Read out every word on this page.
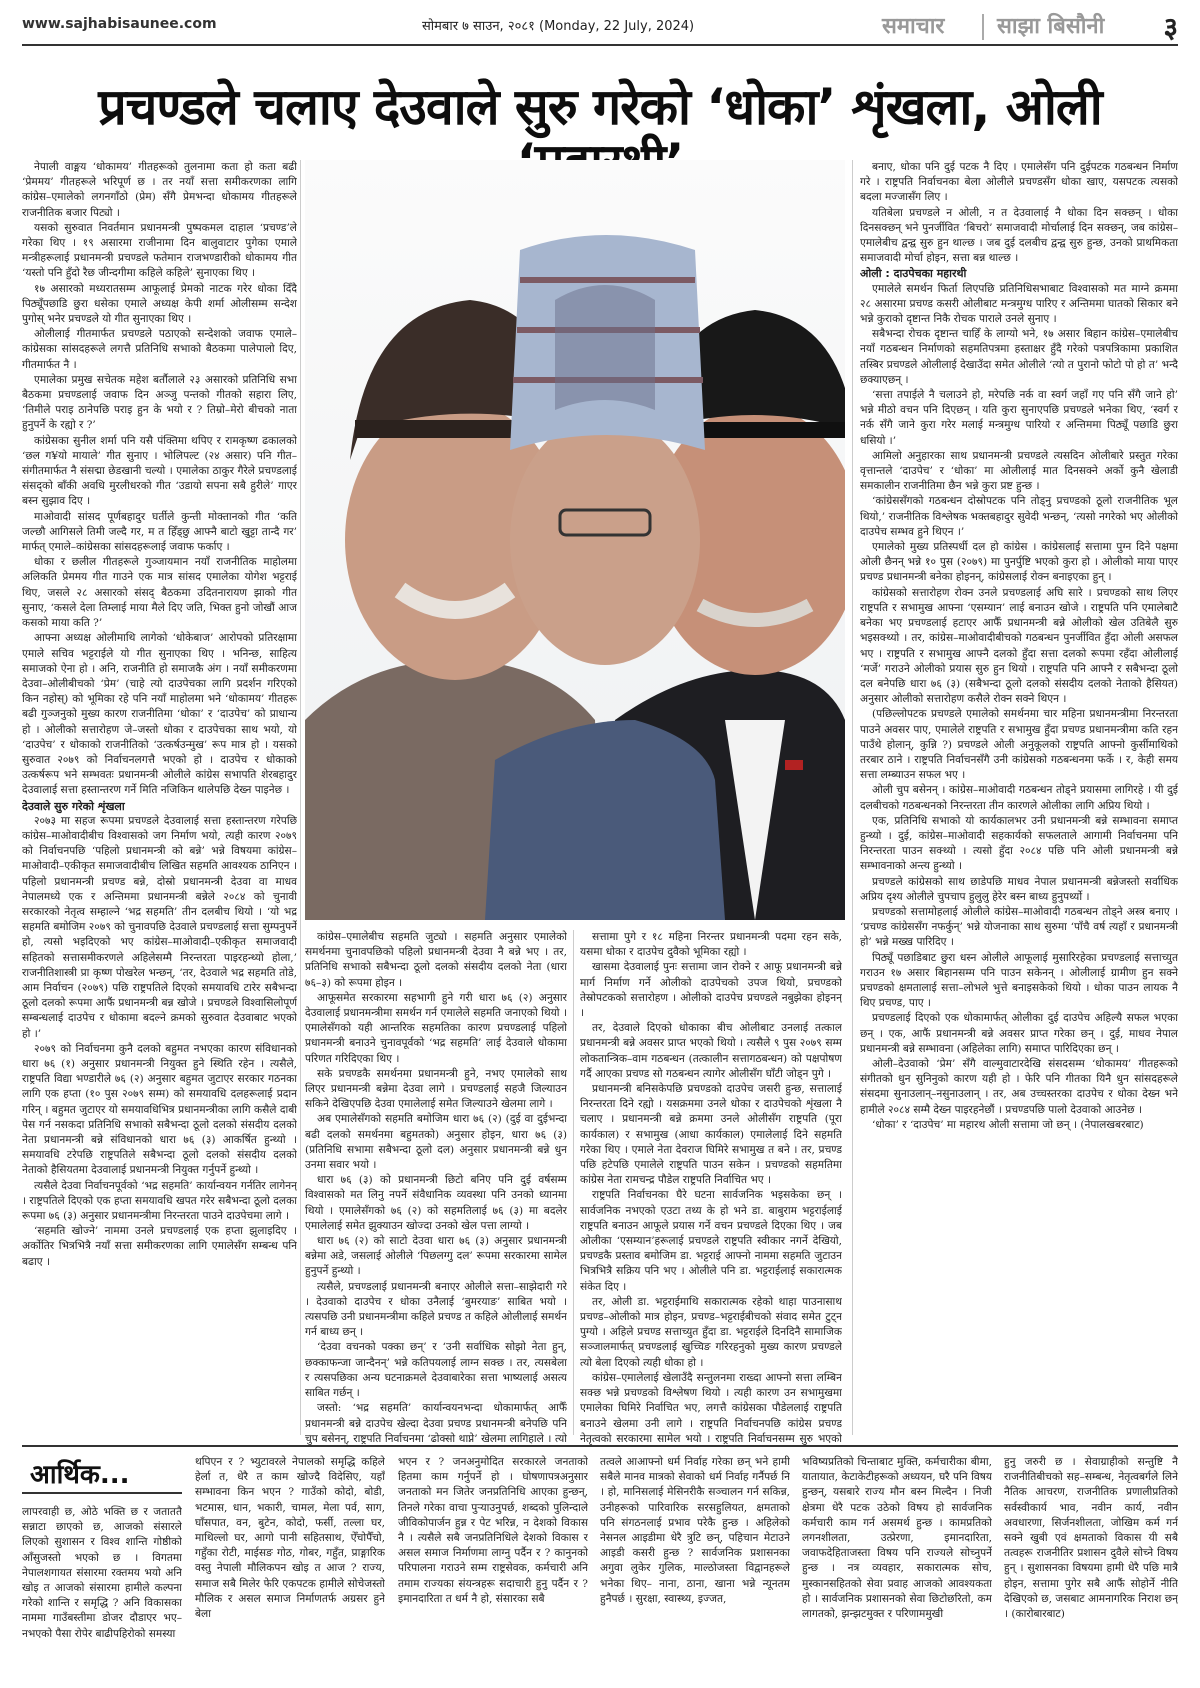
www.sajhabisaunee.com	सोमबार ७ साउन, २०८१ (Monday, 22 July, 2024)	समाचार साझा बिसौनी ३
प्रचण्डले चलाए देउवाले सुरु गरेको ‘धोका’ शृंखला, ओली

नेपाली वाङ्मय ‘धोकामय’ गीतहरूको तुलनामा कता हो कता बढी ‘प्रेममय’ गीतहरूले भरिपूर्ण छ । तर नयाँ सत्ता समीकरणका लागि कांग्रेस–एमालेको लगनगाँठो (प्रेम) सँगै प्रेमभन्दा धोकामय गीतहरूले राजनीतिक बजार पिट्यो ।

यसको सुरुवात निवर्तमान प्रधानमन्त्री पुष्पकमल दाहाल ‘प्रचण्ड’ले गरेका थिए । १९ असारमा राजीनामा दिन बालुवाटार पुगेका एमाले मन्त्रीहरूलाई प्रधानमन्त्री प्रचण्डले फतेमान राजभण्डारीको धोकामय गीत ‘यस्तो पनि हुँदो रैछ जीन्दगीमा कहिले कहिले’ सुनाएका थिए ।

१७ असारको मध्यरातसम्म आफूलाई प्रेमको नाटक गरेर धोका दिँदै पिठ्यूँपछाडि छुरा धसेका एमाले अध्यक्ष केपी शर्मा ओलीसम्म सन्देश पुगोस् भनेर प्रचण्डले यो गीत सुनाएका थिए ।

ओलीलाई गीतमार्फत प्रचण्डले पठाएको सन्देशको जवाफ एमाले–कांग्रेसका सांसदहरूले लगत्तै प्रतिनिधि सभाको बैठकमा पालेपालो दिए, गीतमार्फत नै ।

एमालेका प्रमुख सचेतक महेश बर्तौलाले २३ असारको प्रतिनिधि सभा बैठकमा प्रचण्डलाई जवाफ दिन अञ्जु पन्तको गीतको सहारा लिए, ‘तिमीले पराइ ठानेपछि पराइ हुन के भयो र ? तिम्रो–मेरो बीचको नाता हुनुपर्ने के रह्यो र ?’

कांग्रेसका सुनील शर्मा पनि यसै पंक्तिमा थपिए र रामकृष्ण ढकालको ‘छल ग¥यो मायाले’ गीत सुनाए । भोलिपल्ट (२४ असार) पनि गीत–संगीतमार्फत नै संसद्मा छेडखानी चल्यो । एमालेका ठाकुर गैरेले प्रचण्डलाई संसद्को बाँकी अवधि मुरलीधरको गीत ‘उडायो सपना सबै हुरीले’ गाएर बस्न सुझाव दिए ।

माओवादी सांसद पूर्णबहादुर घर्तीले कुन्ती मोक्तानको गीत ‘कति जल्छौ आगिसले तिमी जल्दै गर, म त हिँड्छु आफ्नै बाटो खुट्टा तान्दै गर’ मार्फत् एमाले–कांग्रेसका सांसदहरूलाई जवाफ फर्काए ।

धोका र छलील गीतहरूले गुञ्जायमान नयाँ राजनीतिक माहोलमा अलिकति प्रेममय गीत गाउने एक मात्र सांसद एमालेका योगेश भट्टराई थिए, जसले २८ असारको संसद् बैठकमा उदितनारायण झाको गीत सुनाए, ‘कसले देला तिम्लाई माया मैले दिए जति, भिक्त हुनो जोखौं आज कसको माया कति ?’

आफ्ना अध्यक्ष ओलीमाथि लागेको ‘धोकेबाज’ आरोपको प्रतिरक्षामा एमाले सचिव भट्टराईले यो गीत सुनाएका थिए । भनिन्छ, साहित्य समाजको ऐना हो । अनि, राजनीति हो समाजकै अंग । नयाँ समीकरणमा देउवा–ओलीबीचको ‘प्रेम’ (चाहे त्यो दाउपेचका लागि प्रदर्शन गरिएको किन नहोस्) को भूमिका रहे पनि नयाँ माहोलमा भने ‘धोकामय’ गीतहरू बढी गुञ्जनुको मुख्य कारण राजनीतिमा ‘धोका’ र ‘दाउपेच’ को प्राधान्य हो । ओलीको सत्तारोहण जे–जस्तो धोका र दाउपेचका साथ भयो, यो ‘दाउपेच’ र धोकाको राजनीतिको ‘उत्कर्षउन्मुख’ रूप मात्र हो । यसको सुरुवात २०७९ को निर्वाचनलगत्तै भएको हो । दाउपेच र धोकाको उत्कर्षरूप भने सम्भवतः प्रधानमन्त्री ओलीले कांग्रेस सभापति शेरबहादुर देउवालाई सत्ता हस्तान्तरण गर्ने मिति नजिकिन थालेपछि देख्न पाइनेछ ।

देउवाले सुरु गरेको शृंखला

२०७३ मा सहज रूपमा प्रचण्डले देउवालाई सत्ता हस्तान्तरण गरेपछि कांग्रेस–माओवादीबीच विश्वासको जग निर्माण भयो, त्यही कारण २०७९ को निर्वाचनपछि ‘पहिलो प्रधानमन्त्री को बन्ने’ भन्ने विषयमा कांग्रेस–माओवादी–एकीकृत समाजवादीबीच लिखित सहमति आवश्यक ठानिएन । पहिलो प्रधानमन्त्री प्रचण्ड बन्ने, दोस्रो प्रधानमन्त्री देउवा वा माधव नेपालमध्ये एक र अन्तिममा प्रधानमन्त्री बन्नेले २०८४ को चुनावी सरकारको नेतृत्व सम्हाल्ने ‘भद्र सहमति’ तीन दलबीच थियो । ‘यो भद्र सहमति बमोजिम २०७९ को चुनावपछि देउवाले प्रचण्डलाई सत्ता सुम्पनुपर्ने हो, त्यसो भइदिएको भए कांग्रेस–माओवादी–एकीकृत समाजवादी सहितको सत्तासमीकरणले अहिलेसम्मै निरन्तरता पाइरहन्थ्यो होला,’ राजनीतिशास्त्री प्रा कृष्ण पोखरेल भन्छन्, ‘तर, देउवाले भद्र सहमति तोडे, आम निर्वाचन (२०७९) पछि राष्ट्रपतिले दिएको समयावधि टारेर सबैभन्दा ठूलो दलको रूपमा आफैं प्रधानमन्त्री बन्न खोजे । प्रचण्डले विश्वासिलोपूर्ण सम्बन्धलाई दाउपेच र धोकामा बदल्ने क्रमको सुरुवात देउवाबाट भएको हो ।’

२०७९ को निर्वाचनमा कुनै दलको बहुमत नभएका कारण संविधानको धारा ७६ (१) अनुसार प्रधानमन्त्री नियुक्त हुने स्थिति रहेन । त्यसैले, राष्ट्रपति विद्या भण्डारीले ७६ (२) अनुसार बहुमत जुटाएर सरकार गठनका लागि एक हप्ता (१० पुस २०७९ सम्म) को समयावधि दलहरूलाई प्रदान गरिन् । बहुमत जुटाएर यो समयावधिभित्र प्रधानमन्त्रीका लागि कसैले दाबी पेस गर्न नसकदा प्रतिनिधि सभाको सबैभन्दा ठूलो दलको संसदीय दलको नेता प्रधानमन्त्री बन्ने संविधानको धारा ७६ (३) आकर्षित हुन्थ्यो । समयावधि टरेपछि राष्ट्रपतिले सबैभन्दा ठूलो दलको संसदीय दलको नेताको हैसियतमा देउवालाई प्रधानमन्त्री नियुक्त गर्नुपर्ने हुन्थ्यो ।

त्यसैले देउवा निर्वाचनपूर्वको ‘भद्र सहमति’ कार्यान्वयन गर्नतिर लागेनन् । राष्ट्रपतिले दिएको एक हप्ता समयावधि खपत गरेर सबैभन्दा ठूलो दलका रूपमा ७६ (३) अनुसार प्रधानमन्त्रीमा निरन्तरता पाउने दाउपेचमा लागे ।

‘सहमति खोज्ने’ नाममा उनले प्रचण्डलाई एक हप्ता झुलाइदिए । अर्कोतिर भित्रभित्रै नयाँ सत्ता समीकरणका लागि एमालेसँग सम्बन्ध पनि बढाए ।

कांग्रेस–एमालेबीच सहमति जुट्यो । सहमति अनुसार एमालेको समर्थनमा चुनावपछिको पहिलो प्रधानमन्त्री देउवा नै बन्ने भए । तर, प्रतिनिधि सभाको सबैभन्दा ठूलो दलको संसदीय दलको नेता (धारा ७६–३) को रूपमा होइन ।

आफूसमेत सरकारमा सहभागी हुने गरी धारा ७६ (२) अनुसार देउवालाई प्रधानमन्त्रीमा समर्थन गर्न एमालेले सहमति जनाएको थियो । एमालेसँगको यही आन्तरिक सहमतिका कारण प्रचण्डलाई पहिलो प्रधानमन्त्री बनाउने चुनावपूर्वको ‘भद्र सहमति’ लाई देउवाले धोकामा परिणत गरिदिएका थिए ।

सके प्रचण्डकै समर्थनमा प्रधानमन्त्री हुने, नभए एमालेको साथ लिएर प्रधानमन्त्री बन्नेमा देउवा लागे । प्रचण्डलाई सहजै जिल्याउन सकिने देखिएपछि देउवा एमालेलाई समेत जिल्याउने खेलमा लागे ।

अब एमालेसँगको सहमति बमोजिम धारा ७६ (२) (दुई वा दुईभन्दा बढी दलको समर्थनमा बहुमतको) अनुसार होइन, धारा ७६ (३) (प्रतिनिधि सभामा सबैभन्दा ठूलो दल) अनुसार प्रधानमन्त्री बन्ने धुन उनमा सवार भयो ।

धारा ७६ (३) को प्रधानमन्त्री छिटो बनिए पनि दुई वर्षसम्म विश्वासको मत लिनु नपर्ने संवैधानिक व्यवस्था पनि उनको ध्यानमा थियो । एमालेसँगको ७६ (२) को सहमतिलाई ७६ (३) मा बदलेर एमालेलाई समेत झुक्याउन खोज्दा उनको खेल पत्ता लाग्यो ।

धारा ७६ (२) को साटो देउवा धारा ७६ (३) अनुसार प्रधानमन्त्री बन्नेमा अडे, जसलाई ओलीले ‘पिछलग्गु दल’ रूपमा सरकारमा सामेल हुनुपर्ने हुन्थ्यो ।

त्यसैले, प्रचण्डलाई प्रधानमन्त्री बनाएर ओलीले सत्ता–साझेदारी गरे । देउवाको दाउपेच र धोका उनैलाई ‘बुमरयाङ’ साबित भयो । त्यसपछि उनी प्रधानमन्त्रीमा कहिले प्रचण्ड त कहिले ओलीलाई समर्थन गर्न बाध्य छन् ।

‘देउवा वचनको पक्का छन्’ र ‘उनी सर्वाधिक सोझो नेता हुन्, छक्काफन्जा जान्दैनन्’ भन्ने कतिपयलाई लाग्न सक्छ । तर, त्यसबेला र त्यसपछिका अन्य घटनाक्रमले देउवाबारेका सत्ता भाष्यलाई असत्य साबित गर्छन् ।

जस्तो: ‘भद्र सहमति’ कार्यान्वयनभन्दा धोकामार्फत् आफैँ प्रधानमन्त्री बन्ने दाउपेच खेल्दा देउवा प्रचण्ड प्रधानमन्त्री बनेपछि पनि चुप बसेनन्, राष्ट्रपति निर्वाचनमा ‘ढोक्सो थाप्ने’ खेलमा लागिहाले । त्यो

सत्तामा पुगे र १८ महिना निरन्तर प्रधानमन्त्री पदमा रहन सके, यसमा धोका र दाउपेच दुवैको भूमिका रह्यो ।

खासमा देउवालाई पुनः सत्तामा जान रोक्ने र आफू प्रधानमन्त्री बन्ने मार्ग निर्माण गर्ने ओलीको दाउपेचको उपज थियो, प्रचण्डको तेस्रोपटकको सत्तारोहण । ओलीको दाउपेच प्रचण्डले नबुझेका होइनन् ।

तर, देउवाले दिएको धोकाका बीच ओलीबाट उनलाई तत्काल प्रधानमन्त्री बन्ने अवसर प्राप्त भएको थियो । त्यसैले ९ पुस २०७९ सम्म लोकतान्त्रिक–वाम गठबन्धन (तत्कालीन सत्तागठबन्धन) को पक्षपोषण गर्दै आएका प्रचण्ड सो गठबन्धन त्यागेर ओलीसँग घाँटी जोड्न पुगे ।

प्रधानमन्त्री बनिसकेपछि प्रचण्डको दाउपेच जसरी हुन्छ, सत्तालाई निरन्तरता दिने रह्यो । यसक्रममा उनले धोका र दाउपेचको शृंखला नै चलाए । प्रधानमन्त्री बन्ने क्रममा उनले ओलीसँग राष्ट्रपति (पूरा कार्यकाल) र सभामुख (आधा कार्यकाल) एमालेलाई दिने सहमति गरेका थिए । एमाले नेता देवराज घिमिरे सभामुख त बने । तर, प्रचण्ड पछि हटेपछि एमालेले राष्ट्रपति पाउन सकेन । प्रचण्डको सहमतिमा कांग्रेस नेता रामचन्द्र पौडेल राष्ट्रपति निर्वाचित भए ।

राष्ट्रपति निर्वाचनका घैरे घटना सार्वजनिक भइसकेका छन् । सार्वजनिक नभएको एउटा तथ्य के हो भने डा. बाबुराम भट्टराईलाई राष्ट्रपति बनाउन आफूले प्रयास गर्ने वचन प्रचण्डले दिएका थिए । जब ओलीका ‘एसम्यान’हरूलाई प्रचण्डले राष्ट्रपति स्वीकार नगर्ने देखियो, प्रचण्डकै प्रस्ताव बमोजिम डा. भट्टराई आफ्नो नाममा सहमति जुटाउन भित्रभित्रै सक्रिय पनि भए । ओलीले पनि डा. भट्टराईलाई सकारात्मक संकेत दिए ।

तर, ओली डा. भट्टराईमाथि सकारात्मक रहेको थाहा पाउनासाथ प्रचण्ड–ओलीको मात्र होइन, प्रचण्ड–भट्टराईबीचको संवाद समेत टुट्न पुग्यो । अहिले प्रचण्ड सत्ताच्युत हुँदा डा. भट्टराईले दिनदिनै सामाजिक सञ्जालमार्फत् प्रचण्डलाई खुच्चिङ गरिरहनुको मुख्य कारण प्रचण्डले त्यो बेला दिएको त्यही धोका हो ।

कांग्रेस–एमालेलाई खेलाउँदै सन्तुलनमा राख्दा आफ्नो सत्ता लम्बिन सक्छ भन्ने प्रचण्डको विश्लेषण थियो । त्यही कारण उन सभामुखमा एमालेका घिमिरे निर्वाचित भए, लगत्तै कांग्रेसका पौडेललाई राष्ट्रपति बनाउने खेलमा उनी लागे । राष्ट्रपति निर्वाचनपछि कांग्रेस प्रचण्ड नेतृत्वको सरकारमा सामेल भयो । राष्ट्रपति निर्वाचनसम्म सुरु भएको

बनाए, धोका पनि दुई पटक नै दिए । एमालेसँग पनि दुईपटक गठबन्धन निर्माण गरे । राष्ट्रपति निर्वाचनका बेला ओलीले प्रचण्डसँग धोका खाए, यसपटक त्यसको बदला मज्जासँग लिए ।

यतिबेला प्रचण्डले न ओली, न त देउवालाई नै धोका दिन सक्छन् । धोका दिनसक्छन् भने पुनर्जीवित ‘बिचरो’ समाजवादी मोर्चालाई दिन सक्छन्, जब कांग्रेस–एमालेबीच द्वन्द्व सुरु हुन थाल्छ । जब दुई दलबीच द्वन्द्व सुरु हुन्छ, उनको प्राथमिकता समाजवादी मोर्चा होइन, सत्ता बन्न थाल्छ ।

ओली : दाउपेचका महारथी

एमालेले समर्थन फिर्ता लिएपछि प्रतिनिधिसभाबाट विश्वासको मत माग्ने क्रममा २८ असारमा प्रचण्ड कसरी ओलीबाट मन्त्रमुग्ध पारिए र अन्तिममा घातको सिकार बने भन्ने कुराको दृष्टान्त निकै रोचक पाराले उनले सुनाए ।

सबैभन्दा रोचक दृष्टान्त चाहिँ के लाग्यो भने, १७ असार बिहान कांग्रेस–एमालेबीच नयाँ गठबन्धन निर्माणको सहमतिपत्रमा हस्ताक्षर हुँदै गरेको पत्रपत्रिकामा प्रकाशित तस्बिर प्रचण्डले ओलीलाई देखाउँदा समेत ओलीले ‘त्यो त पुरानो फोटो पो हो त’ भन्दै छक्याएछन् ।

‘सत्ता तपाईले नै चलाउने हो, मरेपछि नर्क वा स्वर्ग जहाँ गए पनि सँगै जाने हो’ भन्ने मीठो वचन पनि दिएछन् । यति कुरा सुनाएपछि प्रचण्डले भनेका थिए, ‘स्वर्ग र नर्क सँगै जाने कुरा गरेर मलाई मन्त्रमुग्ध पारियो र अन्तिममा पिठ्यूँ पछाडि छुरा धसियो ।’

आमिलो अनुहारका साथ प्रधानमन्त्री प्रचण्डले त्यसदिन ओलीबारे प्रस्तुत गरेका वृत्तान्तले ‘दाउपेच’ र ‘धोका’ मा ओलीलाई मात दिनसक्ने अर्को कुनै खेलाडी समकालीन राजनीतिमा छैन भन्ने कुरा प्रष्ट हुन्छ ।

‘कांग्रेससँगको गठबन्धन दोस्रोपटक पनि तोड्नु प्रचण्डको ठूलो राजनीतिक भूल थियो,’ राजनीतिक विश्लेषक भक्तबहादुर सुवेदी भन्छन्, ‘त्यसो नगरेको भए ओलीको दाउपेच सम्भव हुने थिएन ।’

एमालेको मुख्य प्रतिस्पर्धी दल हो कांग्रेस । कांग्रेसलाई सत्तामा पुग्न दिने पक्षमा ओली छैनन् भन्ने १० पुस (२०७९) मा पुनर्पुष्टि भएको कुरा हो । ओलीको माया पाएर प्रचण्ड प्रधानमन्त्री बनेका होइनन्, कांग्रेसलाई रोक्न बनाइएका हुन् ।

कांग्रेसको सत्तारोहण रोक्न उनले प्रचण्डलाई अघि सारे । प्रचण्डको साथ लिएर राष्ट्रपति र सभामुख आफ्ना ‘एसम्यान’ लाई बनाउन खोजे । राष्ट्रपति पनि एमालेबाटै बनेका भए प्रचण्डलाई हटाएर आफैँ प्रधानमन्त्री बन्ने ओलीको खेल उतिबेलै सुरु भइसक्थ्यो । तर, कांग्रेस–माओवादीबीचको गठबन्धन पुनर्जीवित हुँदा ओली असफल भए । राष्ट्रपति र सभामुख आफ्नै दलको हुँदा सत्ता दलको रूपमा रहँदा ओलीलाई ‘मर्जे’ गराउने ओलीको प्रयास सुरु हुन थियो । राष्ट्रपति पनि आफ्नै र सबैभन्दा ठूलो दल बनेपछि धारा ७६ (३) (सबैभन्दा ठूलो दलको संसदीय दलको नेताको हैसियत) अनुसार ओलीको सत्तारोहण कसैले रोक्न सक्ने थिएन ।

(पछिल्लोपटक प्रचण्डले एमालेको समर्थनमा चार महिना प्रधानमन्त्रीमा निरन्तरता पाउने अवसर पाए, एमालेले राष्ट्रपति र सभामुख हुँदा प्रचण्ड प्रधानमन्त्रीमा कति रहन पाउँथे होलान्, कुन्नि ?) प्रचण्डले ओली अनुकूलको राष्ट्रपति आफ्नो कुर्सीमाथिको तरबार ठाने । राष्ट्रपति निर्वाचनसँगै उनी कांग्रेसको गठबन्धनमा फर्के । र, केही समय सत्ता लम्ब्याउन सफल भए ।

ओली चुप बसेनन् । कांग्रेस–माओवादी गठबन्धन तोड्ने प्रयासमा लागिरहे । यी दुई दलबीचको गठबन्धनको निरन्तरता तीन कारणले ओलीका लागि अप्रिय थियो ।

एक, प्रतिनिधि सभाको यो कार्यकालभर उनी प्रधानमन्त्री बन्ने सम्भावना समाप्त हुन्थ्यो । दुई, कांग्रेस–माओवादी सहकार्यको सफलताले आगामी निर्वाचनमा पनि निरन्तरता पाउन सक्थ्यो । त्यसो हुँदा २०८४ पछि पनि ओली प्रधानमन्त्री बन्ने सम्भावनाको अन्त्य हुन्थ्यो ।

प्रचण्डले कांग्रेसको साथ छाडेपछि माधव नेपाल प्रधानमन्त्री बन्नेजस्तो सर्वाधिक अप्रिय दृश्य ओलीले चुपचाप हुलुलु हेरेर बस्न बाध्य हुनुपर्थ्यो ।

प्रचण्डको सत्तामोहलाई ओलीले कांग्रेस–माओवादी गठबन्धन तोड्ने अस्त्र बनाए । ‘प्रचण्ड कांग्रेससँग नफर्कुन्’ भन्ने योजनाका साथ सुरुमा ‘पाँचै वर्ष त्यहाँ र प्रधानमन्त्री हो’ भन्ने मख्ख पारिदिए ।

पिठ्यूँ पछाडिबाट छुरा धस्न ओलीले आफूलाई मुसारिरहेका प्रचण्डलाई सत्ताच्युत गराउन १७ असार बिहानसम्म पनि पाउन सकेनन् । ओलीलाई ग्रामीण हुन सक्ने प्रचण्डको क्षमतालाई सत्ता–लोभले भुत्ते बनाइसकेको थियो । धोका पाउन लायक नै थिए प्रचण्ड, पाए ।

प्रचण्डलाई दिएको एक धोकामार्फत् ओलीका दुई दाउपेच अहिल्यै सफल भएका छन् । एक, आफैं प्रधानमन्त्री बन्ने अवसर प्राप्त गरेका छन् । दुई, माधव नेपाल प्रधानमन्त्री बन्ने सम्भावना (अहिलेका लागि) समाप्त पारिदिएका छन् ।

ओली–देउवाको ‘प्रेम’ सँगै वाल्मुवाटारदेखि संसदसम्म ‘धोकामय’ गीतहरूको संगीतको धुन सुनिनुको कारण यही हो । फेरि पनि गीतका यिनै धुन सांसदहरूले संसदमा सुनाउलान्–नसुनाउलान् । तर, अब उच्चस्तरका दाउपेच र धोका देख्न भने हामीले २०८४ सम्मै देख्न पाइरहनेछौं । प्रचण्डपछि पालो देउवाको आउनेछ ।

‘धोका’ र ‘दाउपेच’ मा महारथ ओली सत्तामा जो छन् । (नेपालखबरबाट)

आर्थिक...
लापरवाही छ, ओठे भक्ति छ र जताततै सन्नाटा छाएको छ, आजको संसारले लिएको सुशासन र विश्व शान्ति गोष्ठीको आँसुजस्तो भएको छ । विगतमा नेपालशगायत संसारमा रक्तमय भयो अनि खोइ त आजको संसारमा हामीले कल्पना गरेको शान्ति र समृद्धि ? अनि विकासका नाममा गाउँबस्तीमा डोजर दौडाएर भए–नभएको पैसा रोपेर बाढीपहिरोको समस्या
थपिएन र ? भ्युटावरले नेपालको समृद्धि कहिले हेर्ला त, धेरै त काम खोज्दै विदेसिए, यहाँ सम्भावना किन भएन ? गाउँको कोदो, बोडी, भटमास, धान, भकारी, चामल, मेला पर्व, साग, घाँसपात, वन, बुटेन, कोदो, फर्सी, तल्ला घर, माथिल्लो घर, आगो पानी सहितसाथ, ऐँचोपैँचो, गहुँका रोटी, माईसङ गोठ, गोबर, गहुँत, प्राङ्गारिक वस्तु नेपाली मौलिकपन खोइ त आज ? राज्य, समाज सबै मिलेर फेरि एकपटक हामीले सोचेजस्तो मौलिक र असल समाज निर्माणतर्फ अग्रसर हुने बेला
भएन र ? जनअनुमोदित सरकारले जनताको हितमा काम गर्नुपर्ने हो । घोषणापत्रअनुसार जनताको मन जितेर जनप्रतिनिधि आएका हुन्छन्, तिनले गरेका वाचा पुऱ्याउनुपर्छ, शब्दको पुलिन्दाले जीविकोपार्जन हुन्न र पेट भरिन्न, न देशको विकास नै । त्यसैले सबै जनप्रतिनिधिले देशको विकास र असल समाज निर्माणमा लाग्नु पर्दैन र ? कानुनको परिपालना गराउने सम्म राष्ट्रसेवक, कर्मचारी अनि तमाम राज्यका संयन्त्रहरू सदाचारी हुनु पर्दैन र ? इमानदारिता त धर्म नै हो, संसारका सबै
तत्वले आआफ्नो धर्म निर्वाह गरेका छन् भने हामी सबैले मानव मात्रको सेवाको धर्म निर्वाह गर्नैपर्छ नि । हो, मानिसलाई मेसिनरीकै सञ्चालन गर्न सकिन्न, उनीहरूको पारिवारिक सरसहुलियत, क्षमताको पनि संगठनलाई प्रभाव परेकै हुन्छ । अहिलेको नेसनल आइडीमा धेरै त्रुटि छन्, पहिचान मेटाउने आइडी कसरी हुन्छ ? सार्वजनिक प्रशासनका अगुवा लुकेर गुलिक, माल्ठोजस्ता विद्वानहरूले भनेका थिए– नाना, ठाना, खाना भन्ने न्यूनतम हुनैपर्छ । सुरक्षा, स्वास्थ्य, इज्जत,
भविष्यप्रतिको चिन्ताबाट मुक्ति, कर्मचारीका बीमा, यातायात, केटाकेटीहरूको अध्ययन, घरै पनि विषय हुन्छन्, यसबारे राज्य मौन बस्न मिल्दैन । निजी क्षेत्रमा धेरै पटक उठेको विषय हो सार्वजनिक कर्मचारी काम गर्न असमर्थ हुन्छ । कामप्रतिको लगनशीलता, उत्प्रेरणा, इमानदारिता, जवाफदेहिताजस्ता विषय पनि राज्यले सोच्नुपर्ने हुन्छ । नत्र व्यवहार, सकारात्मक सोच, मुस्कानसहितको सेवा प्रवाह आजको आवश्यकता हो । सार्वजनिक प्रशासनको सेवा छिटोछरितो, कम लागतको, झन्झटमुक्त र परिणाममुखी
हुनु जरुरी छ । सेवाग्राहीको सन्तुष्टि नै राजनीतिबीचको सह–सम्बन्ध, नेतृत्वबर्गले लिने नैतिक आचरण, राजनीतिक प्रणालीप्रतिको सर्वस्वीकार्य भाव, नवीन कार्य, नवीन अवधारणा, सिर्जनशीलता, जोखिम कर्म गर्न सक्ने खुबी एवं क्षमताको विकास यी सबै तत्वहरू राजनीतिर प्रशासन दुवैले सोच्ने विषय हुन् । सुशासनका विषयमा हामी धेरै पछि मात्रै होइन, सत्तामा पुगेर सबै आफैं सोहोर्ने नीति देखिएको छ, जसबाट आमनागरिक निराश छन् । (कारोबारबाट)
